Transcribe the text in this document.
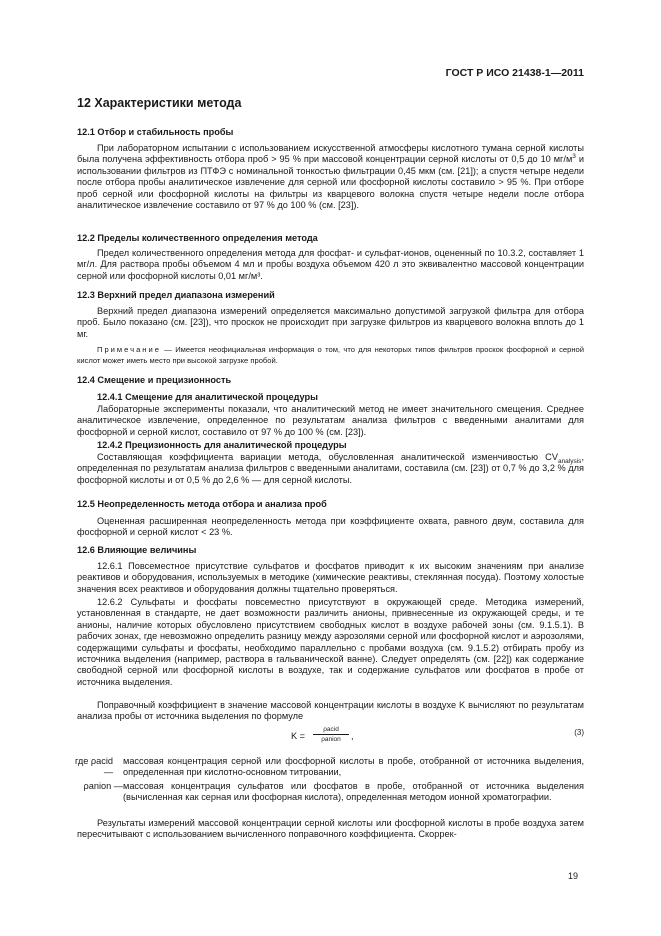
ГОСТ Р ИСО 21438-1—2011
12 Характеристики метода
12.1 Отбор и стабильность пробы
При лабораторном испытании с использованием искусственной атмосферы кислотного тумана серной кислоты была получена эффективность отбора проб > 95 % при массовой концентрации серной кислоты от 0,5 до 10 $мг/м^3$ и использовании фильтров из ПТФЭ с номинальной тонкостью фильтрации 0,45 мкм (см. [21]); а спустя четыре недели после отбора пробы аналитическое извлечение для серной или фосфорной кислоты составило > 95 %. При отборе проб серной или фосфорной кислоты на фильтры из кварцевого волокна спустя четыре недели после отбора аналитическое извлечение составило от 97 % до 100 % (см. [23]).
12.2 Пределы количественного определения метода
Предел количественного определения метода для фосфат- и сульфат-ионов, оцененный по 10.3.2, составляет 1 мг/л. Для раствора пробы объемом 4 мл и пробы воздуха объемом 420 л это эквивалентно массовой концентрации серной или фосфорной кислоты 0,01 мг/м³.
12.3 Верхний предел диапазона измерений
Верхний предел диапазона измерений определяется максимально допустимой загрузкой фильтра для отбора проб. Было показано (см. [23]), что проскок не происходит при загрузке фильтров из кварцевого волокна вплоть до 1 мг.
Примечание — Имеется неофициальная информация о том, что для некоторых типов фильтров проскок фосфорной и серной кислот может иметь место при высокой загрузке пробой.
12.4 Смещение и прецизионность
12.4.1 Смещение для аналитической процедуры
Лабораторные эксперименты показали, что аналитический метод не имеет значительного смещения. Среднее аналитическое извлечение, определенное по результатам анализа фильтров с введенными аналитами для фосфорной и серной кислот, составило от 97 % до 100 % (см. [23]).
12.4.2 Прецизионность для аналитической процедуры
Составляющая коэффициента вариации метода, обусловленная аналитической изменчивостью $CV_{analysis}$, определенная по результатам анализа фильтров с введенными аналитами, составила (см. [23]) от 0,7 % до 3,2 % для фосфорной кислоты и от 0,5 % до 2,6 % — для серной кислоты.
12.5 Неопределенность метода отбора и анализа проб
Оцененная расширенная неопределенность метода при коэффициенте охвата, равного двум, составила для фосфорной и серной кислот < 23 %.
12.6 Влияющие величины
12.6.1 Повсеместное присутствие сульфатов и фосфатов приводит к их высоким значениям при анализе реактивов и оборудования, используемых в методике (химические реактивы, стеклянная посуда). Поэтому холостые значения всех реактивов и оборудования должны тщательно проверяться.
12.6.2 Сульфаты и фосфаты повсеместно присутствуют в окружающей среде. Методика измерений, установленная в стандарте, не дает возможности различить анионы, привнесенные из окружающей среды, и те анионы, наличие которых обусловлено присутствием свободных кислот в воздухе рабочей зоны (см. 9.1.5.1). В рабочих зонах, где невозможно определить разницу между аэрозолями серной или фосфорной кислот и аэрозолями, содержащими сульфаты и фосфаты, необходимо параллельно с пробами воздуха (см. 9.1.5.2) отбирать пробу из источника выделения (например, раствора в гальванической ванне). Следует определять (см. [22]) как содержание свободной серной или фосфорной кислоты в воздухе, так и содержание сульфатов или фосфатов в пробе от источника выделения.
Поправочный коэффициент в значение массовой концентрации кислоты в воздухе K вычисляют по результатам анализа пробы от источника выделения по формуле
K =
ρacid
ρanion	,	(3)
где ρacid —
массовая концентрация серной или фосфорной кислоты в пробе, отобранной от источника выделения, определенная при кислотно-основном титровании,
ρanion — массовая концентрация сульфатов или фосфатов в пробе, отобранной от источника выделения (вычисленная как серная или фосфорная кислота), определенная методом ионной хроматографии.
Результаты измерений массовой концентрации серной кислоты или фосфорной кислоты в пробе воздуха затем пересчитывают с использованием вычисленного поправочного коэффициента. Скоррек-
19
